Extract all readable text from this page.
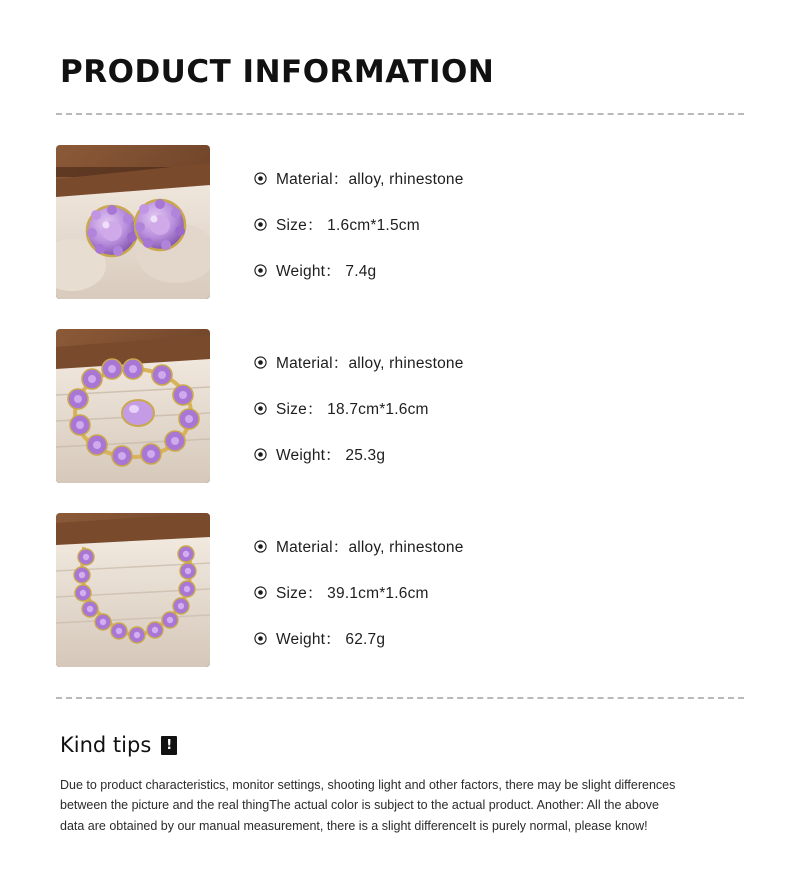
PRODUCT INFORMATION
Material： alloy, rhinestone
Size： 1.6cm*1.5cm
Weight： 7.4g
Material： alloy, rhinestone
Size： 18.7cm*1.6cm
Weight： 25.3g
Material： alloy, rhinestone
Size： 39.1cm*1.6cm
Weight： 62.7g
Kind tips	!

Due to product characteristics, monitor settings, shooting light and other factors, there may be slight differences between the picture and the real thingThe actual color is subject to the actual product. Another: All the above data are obtained by our manual measurement, there is a slight differenceIt is purely normal, please know!
